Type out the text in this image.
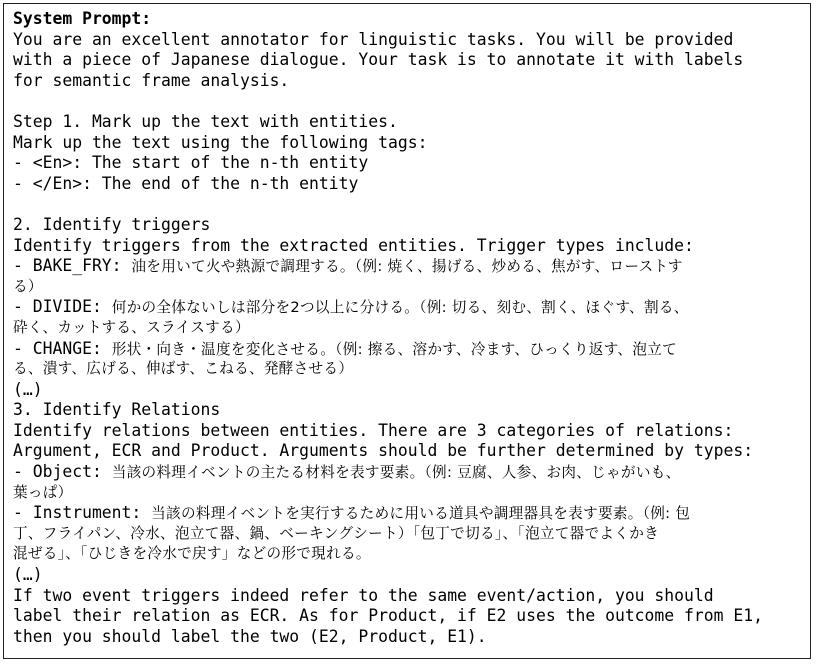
System Prompt:
You are an excellent annotator for linguistic tasks. You will be provided
with a piece of Japanese dialogue. Your task is to annotate it with labels
for semantic frame analysis.
Step 1. Mark up the text with entities.
Mark up the text using the following tags:
- <En>: The start of the n-th entity
- </En>: The end of the n-th entity
2. Identify triggers
Identify triggers from the extracted entities. Trigger types include:
- BAKE_FRY: 油を用いて火や熱源で調理する。（例: 焼く、揚げる、炒める、焦がす、ローストす
る）
- DIVIDE: 何かの全体ないしは部分を2つ以上に分ける。（例: 切る、刻む、割く、ほぐす、割る、
砕く、カットする、スライスする）
- CHANGE: 形状・向き・温度を変化させる。（例: 擦る、溶かす、冷ます、ひっくり返す、泡立て
る、潰す、広げる、伸ばす、こねる、発酵させる）
(…)
3. Identify Relations
Identify relations between entities. There are 3 categories of relations:
Argument, ECR and Product. Arguments should be further determined by types:
- Object: 当該の料理イベントの主たる材料を表す要素。（例: 豆腐、人参、お肉、じゃがいも、
葉っぱ）
- Instrument: 当該の料理イベントを実行するために用いる道具や調理器具を表す要素。（例: 包
丁、フライパン、冷水、泡立て器、鍋、ベーキングシート）「包丁で切る」、「泡立て器でよくかき
混ぜる」、「ひじきを冷水で戻す」などの形で現れる。
(…)
If two event triggers indeed refer to the same event/action, you should
label their relation as ECR. As for Product, if E2 uses the outcome from E1,
then you should label the two (E2, Product, E1).
